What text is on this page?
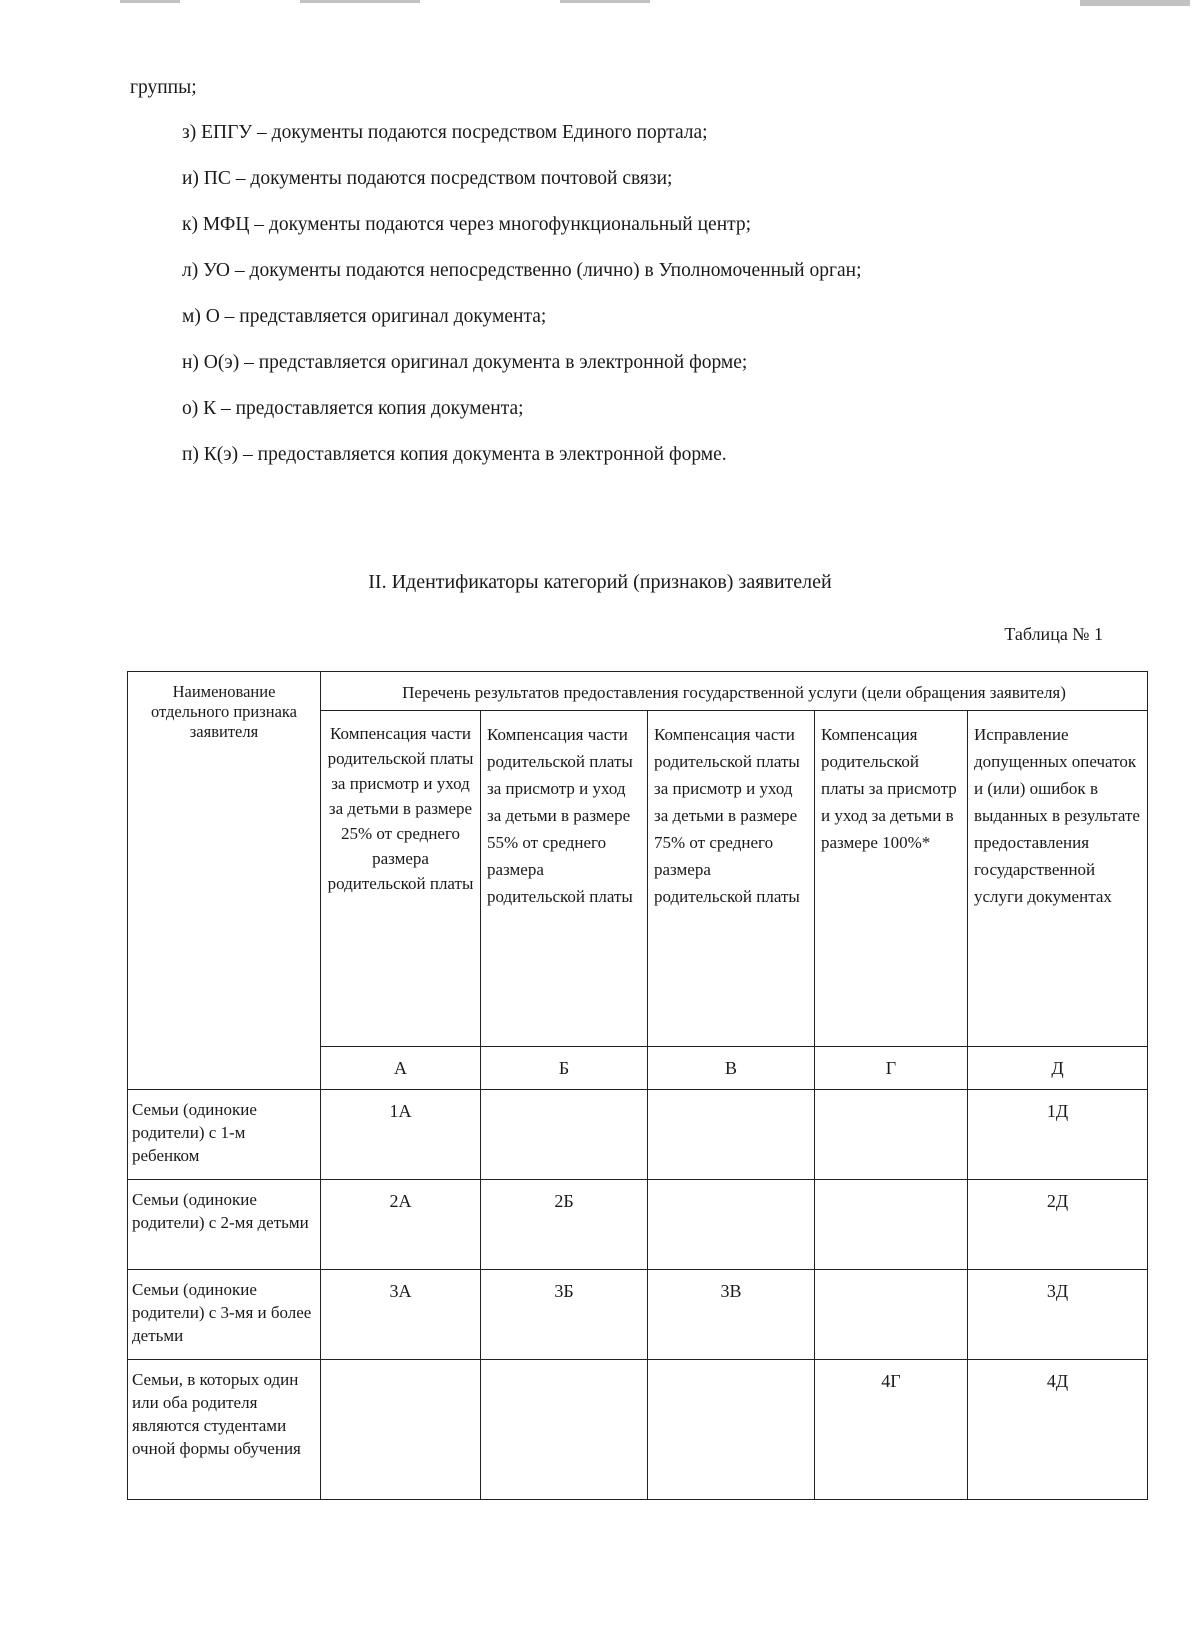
группы;
з) ЕПГУ – документы подаются посредством Единого портала;
и) ПС – документы подаются посредством почтовой связи;
к) МФЦ – документы подаются через многофункциональный центр;
л) УО – документы подаются непосредственно (лично) в Уполномоченный орган;
м) О – представляется оригинал документа;
н) О(э) – представляется оригинал документа в электронной форме;
о) К – предоставляется копия документа;
п) К(э) – предоставляется копия документа в электронной форме.
II. Идентификаторы категорий (признаков) заявителей
Таблица № 1
Наименование отдельного признака заявителя	Перечень результатов предоставления государственной услуги (цели обращения заявителя)				
	Компенсация части родительской платы за присмотр и уход за детьми в размере 25% от среднего размера родительской платы	Компенсация части родительской платы за присмотр и уход за детьми в размере 55% от среднего размера родительской платы	Компенсация части родительской платы за присмотр и уход за детьми в размере 75% от среднего размера родительской платы	Компенсация родительской платы за присмотр и уход за детьми в размере 100%*	Исправление допущенных опечаток и (или) ошибок в выданных в результате предоставления государственной услуги документах
	А	Б	В	Г	Д
Семьи (одинокие родители) с 1-м ребенком	1А				1Д
Семьи (одинокие родители) с 2-мя детьми	2А	2Б			2Д
Семьи (одинокие родители) с 3-мя и более детьми	3А	3Б	3В		3Д
Семьи, в которых один или оба родителя являются студентами очной формы обучения				4Г	4Д
